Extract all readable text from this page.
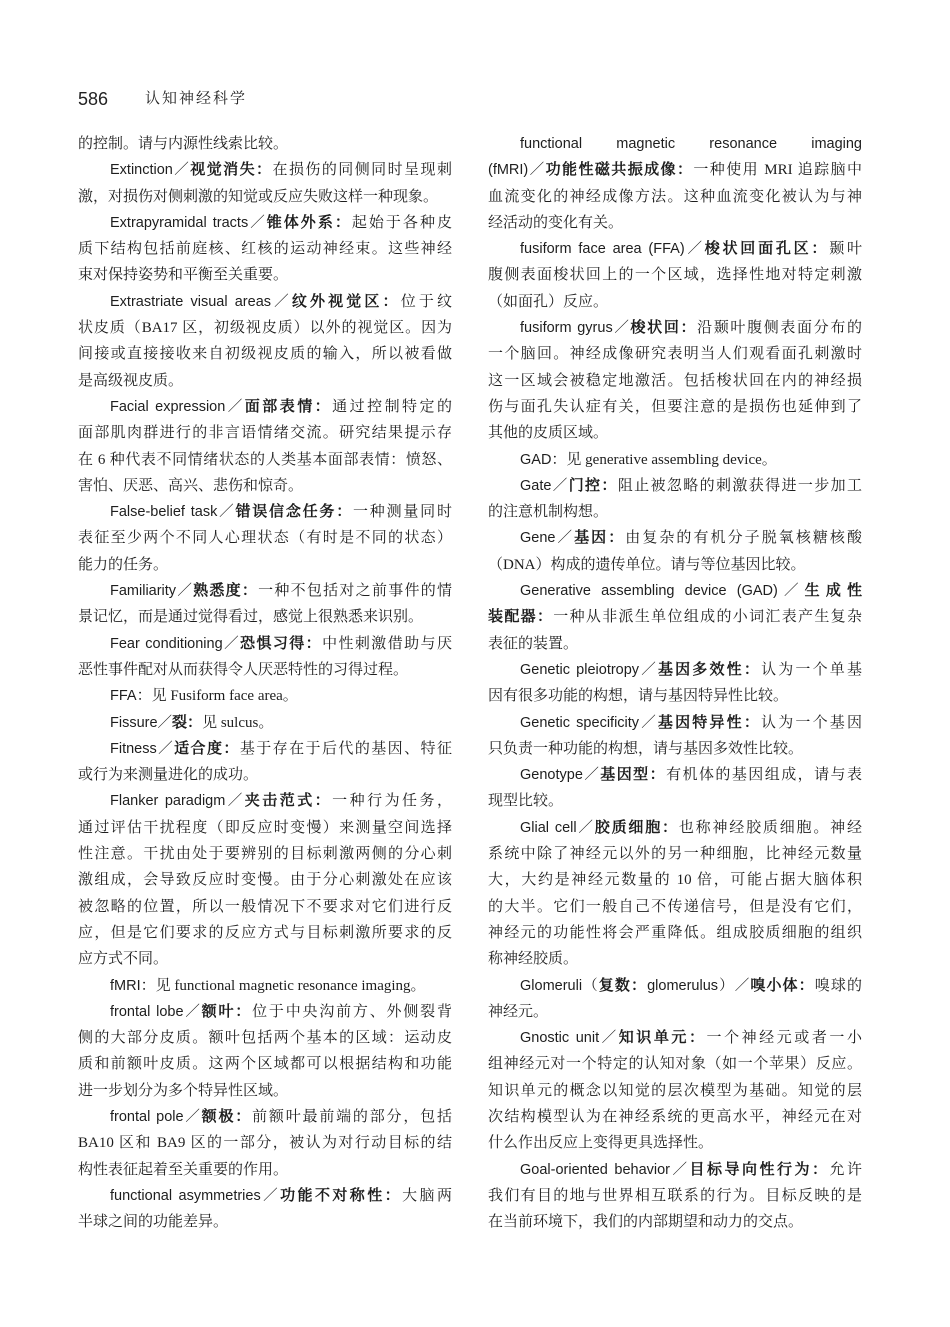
586 认知神经科学
的控制。请与内源性线索比较。
Extinction／视觉消失：在损伤的同侧同时呈现刺
激，对损伤对侧刺激的知觉或反应失败这样一种现象。
Extrapyramidal tracts／锥体外系：起始于各种皮
质下结构包括前庭核、红核的运动神经束。这些神经
束对保持姿势和平衡至关重要。
Extrastriate visual areas／纹外视觉区：位于纹
状皮质（BA17 区，初级视皮质）以外的视觉区。因为
间接或直接接收来自初级视皮质的输入，所以被看做
是高级视皮质。
Facial expression／面部表情：通过控制特定的
面部肌肉群进行的非言语情绪交流。研究结果提示存
在 6 种代表不同情绪状态的人类基本面部表情：愤怒、
害怕、厌恶、高兴、悲伤和惊奇。
False-belief task／错误信念任务：一种测量同时
表征至少两个不同人心理状态（有时是不同的状态）
能力的任务。
Familiarity／熟悉度：一种不包括对之前事件的情
景记忆，而是通过觉得看过，感觉上很熟悉来识别。
Fear conditioning／恐惧习得：中性刺激借助与厌
恶性事件配对从而获得令人厌恶特性的习得过程。
FFA：见 Fusiform face area。
Fissure／裂：见 sulcus。
Fitness／适合度：基于存在于后代的基因、特征
或行为来测量进化的成功。
Flanker paradigm／夹击范式：一种行为任务，
通过评估干扰程度（即反应时变慢）来测量空间选择
性注意。干扰由处于要辨别的目标刺激两侧的分心刺
激组成，会导致反应时变慢。由于分心刺激处在应该
被忽略的位置，所以一般情况下不要求对它们进行反
应，但是它们要求的反应方式与目标刺激所要求的反
应方式不同。
fMRI：见 functional magnetic resonance imaging。
frontal lobe／额叶：位于中央沟前方、外侧裂背
侧的大部分皮质。额叶包括两个基本的区域：运动皮
质和前额叶皮质。这两个区域都可以根据结构和功能
进一步划分为多个特异性区域。
frontal pole／额极：前额叶最前端的部分，包括
BA10 区和 BA9 区的一部分，被认为对行动目标的结
构性表征起着至关重要的作用。
functional asymmetries／功能不对称性：大脑两
半球之间的功能差异。
functional magnetic resonance imaging
(fMRI)／功能性磁共振成像：一种使用 MRI 追踪脑中
血流变化的神经成像方法。这种血流变化被认为与神
经活动的变化有关。
fusiform face area (FFA)／梭状回面孔区：颞叶
腹侧表面梭状回上的一个区域，选择性地对特定刺激
（如面孔）反应。
fusiform gyrus／梭状回：沿颞叶腹侧表面分布的
一个脑回。神经成像研究表明当人们观看面孔刺激时
这一区域会被稳定地激活。包括梭状回在内的神经损
伤与面孔失认症有关，但要注意的是损伤也延伸到了
其他的皮质区域。
GAD：见 generative assembling device。
Gate／门控：阻止被忽略的刺激获得进一步加工
的注意机制构想。
Gene／基因：由复杂的有机分子脱氧核糖核酸
（DNA）构成的遗传单位。请与等位基因比较。
Generative assembling device (GAD)／生成性
装配器：一种从非派生单位组成的小词汇表产生复杂
表征的装置。
Genetic pleiotropy／基因多效性：认为一个单基
因有很多功能的构想，请与基因特异性比较。
Genetic specificity／基因特异性：认为一个基因
只负责一种功能的构想，请与基因多效性比较。
Genotype／基因型：有机体的基因组成，请与表
现型比较。
Glial cell／胶质细胞：也称神经胶质细胞。神经
系统中除了神经元以外的另一种细胞，比神经元数量
大，大约是神经元数量的 10 倍，可能占据大脑体积
的大半。它们一般自己不传递信号，但是没有它们，
神经元的功能性将会严重降低。组成胶质细胞的组织
称神经胶质。
Glomeruli（复数：glomerulus）／嗅小体：嗅球的
神经元。
Gnostic unit／知识单元：一个神经元或者一小
组神经元对一个特定的认知对象（如一个苹果）反应。
知识单元的概念以知觉的层次模型为基础。知觉的层
次结构模型认为在神经系统的更高水平，神经元在对
什么作出反应上变得更具选择性。
Goal-oriented behavior／目标导向性行为：允许
我们有目的地与世界相互联系的行为。目标反映的是
在当前环境下，我们的内部期望和动力的交点。
